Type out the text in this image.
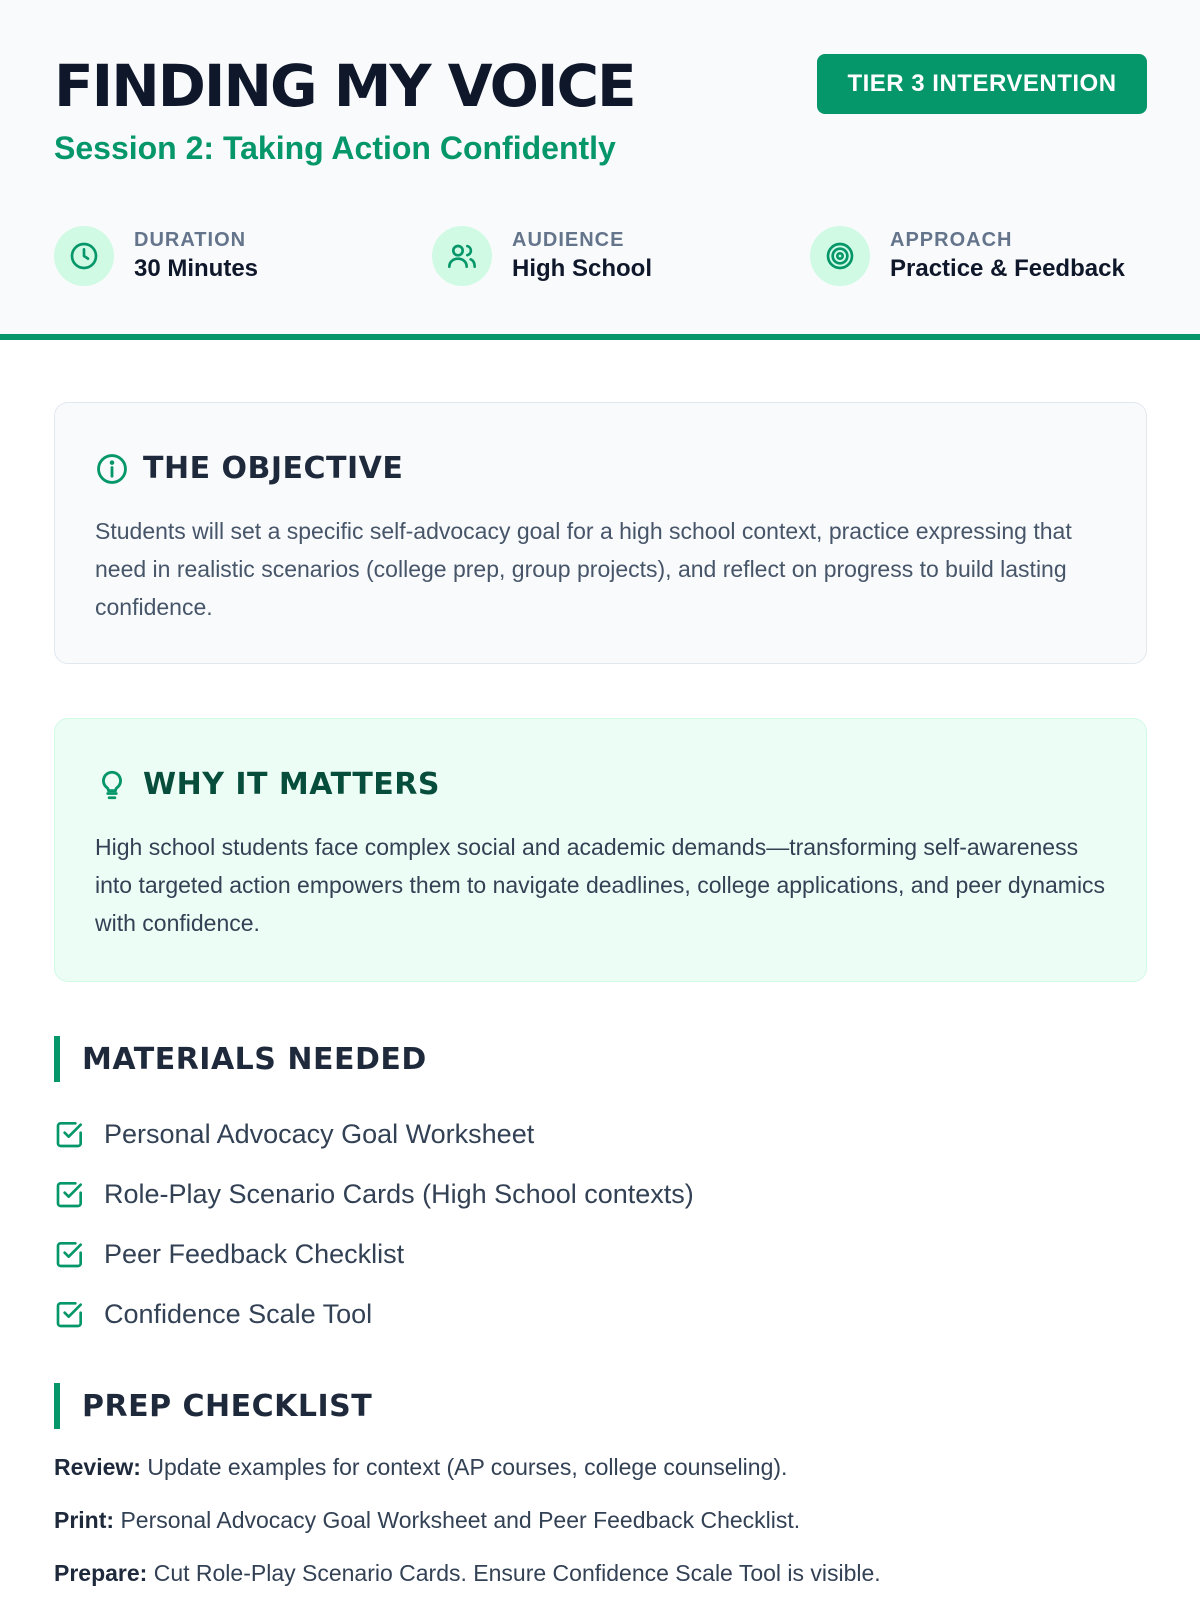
FINDING MY VOICE
Session 2: Taking Action Confidently
TIER 3 INTERVENTION
DURATION
30 Minutes
AUDIENCE
High School
APPROACH
Practice & Feedback
THE OBJECTIVE

Students will set a specific self-advocacy goal for a high school context, practice expressing that need in realistic scenarios (college prep, group projects), and reflect on progress to build lasting confidence.

WHY IT MATTERS

High school students face complex social and academic demands—transforming self-awareness into targeted action empowers them to navigate deadlines, college applications, and peer dynamics with confidence.

MATERIALS NEEDED
Personal Advocacy Goal Worksheet
Role-Play Scenario Cards (High School contexts)
Peer Feedback Checklist
Confidence Scale Tool
PREP CHECKLIST
Review: Update examples for context (AP courses, college counseling).
Print: Personal Advocacy Goal Worksheet and Peer Feedback Checklist.
Prepare: Cut Role-Play Scenario Cards. Ensure Confidence Scale Tool is visible.
